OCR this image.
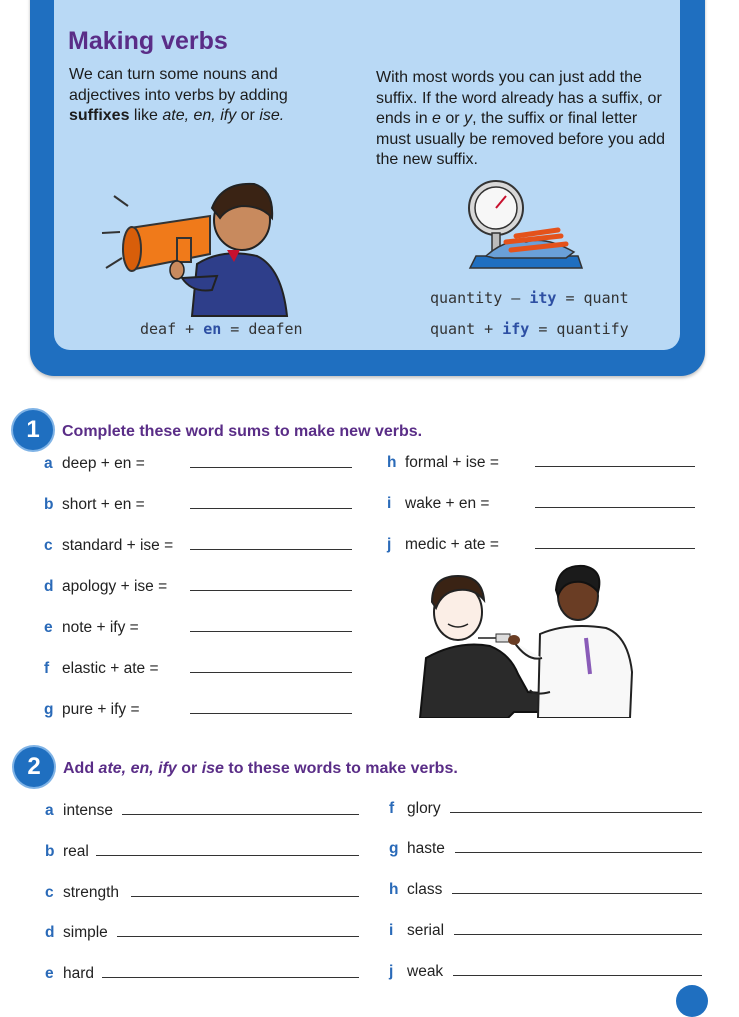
Making verbs
We can turn some nouns and adjectives into verbs by adding suffixes like ate, en, ify or ise.
With most words you can just add the suffix. If the word already has a suffix, or ends in e or y, the suffix or final letter must usually be removed before you add the new suffix.
deaf + en = deafen
quantity – ity = quant
quant + ify = quantify
1	Complete these word sums to make new verbs.
a deep + en =
b short + en =
c standard + ise =
d apology + ise =
e note + ify =
f elastic + ate =
g pure + ify =
h formal + ise =
i wake + en =
j medic + ate =
2	Add ate, en, ify or ise to these words to make verbs.
a intense
b real
c strength
d simple
e hard
f glory
g haste
h class
i serial
j weak
